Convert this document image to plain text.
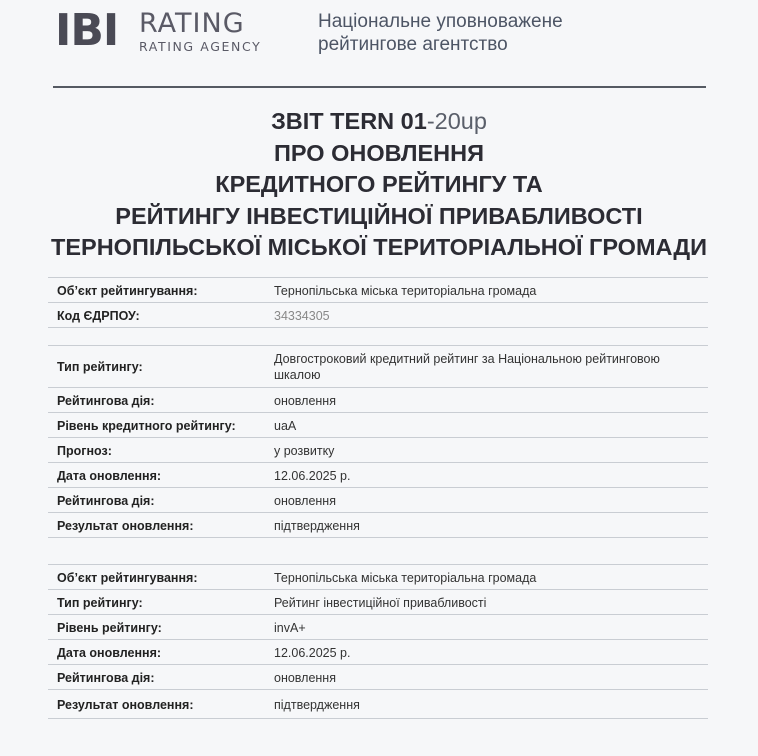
IBI RATING
RATING AGENCY
Національне уповноважене
рейтингове агентство
ЗВІТ TERN 01-20up
ПРО ОНОВЛЕННЯ
КРЕДИТНОГО РЕЙТИНГУ ТА
РЕЙТИНГУ ІНВЕСТИЦІЙНОЇ ПРИВАБЛИВОСТІ
ТЕРНОПІЛЬСЬКОЇ МІСЬКОЇ ТЕРИТОРІАЛЬНОЇ ГРОМАДИ
Об’єкт рейтингування:	Тернопільська міська територіальна громада
Код ЄДРПОУ:	34334305
Тип рейтингу:
Довгостроковий кредитний рейтинг за Національною рейтинговою шкалою
Рейтингова дія:	оновлення
Рівень кредитного рейтингу:	uaA
Прогноз:	у розвитку
Дата оновлення:	12.06.2025 р.
Рейтингова дія:	оновлення
Результат оновлення:	підтвердження
Об’єкт рейтингування:	Тернопільська міська територіальна громада
Тип рейтингу:	Рейтинг інвестиційної привабливості
Рівень рейтингу:	invA+
Дата оновлення:	12.06.2025 р.
Рейтингова дія:	оновлення
Результат оновлення:	підтвердження
